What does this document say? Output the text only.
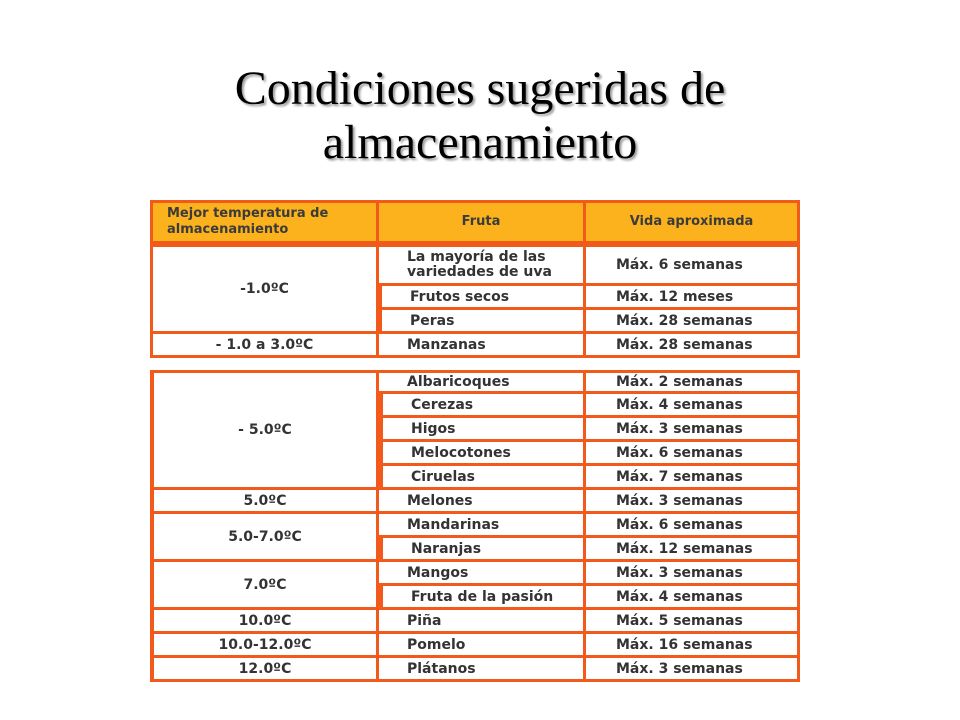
Condiciones sugeridas de
almacenamiento
Mejor temperatura de almacenamiento	Fruta	Vida aproximada
-1.0ºC	La mayoría de las variedades de uva	Máx. 6 semanas
	Frutos secos	Máx. 12 meses
	Peras	Máx. 28 semanas
- 1.0 a 3.0ºC	Manzanas	Máx. 28 semanas
- 5.0ºC	Albaricoques	Máx. 2 semanas
	Cerezas	Máx. 4 semanas
	Higos	Máx. 3 semanas
	Melocotones	Máx. 6 semanas
	Ciruelas	Máx. 7 semanas
5.0ºC	Melones	Máx. 3 semanas
5.0-7.0ºC	Mandarinas	Máx. 6 semanas
	Naranjas	Máx. 12 semanas
7.0ºC	Mangos	Máx. 3 semanas
	Fruta de la pasión	Máx. 4 semanas
10.0ºC	Piña	Máx. 5 semanas
10.0-12.0ºC	Pomelo	Máx. 16 semanas
12.0ºC	Plátanos	Máx. 3 semanas
